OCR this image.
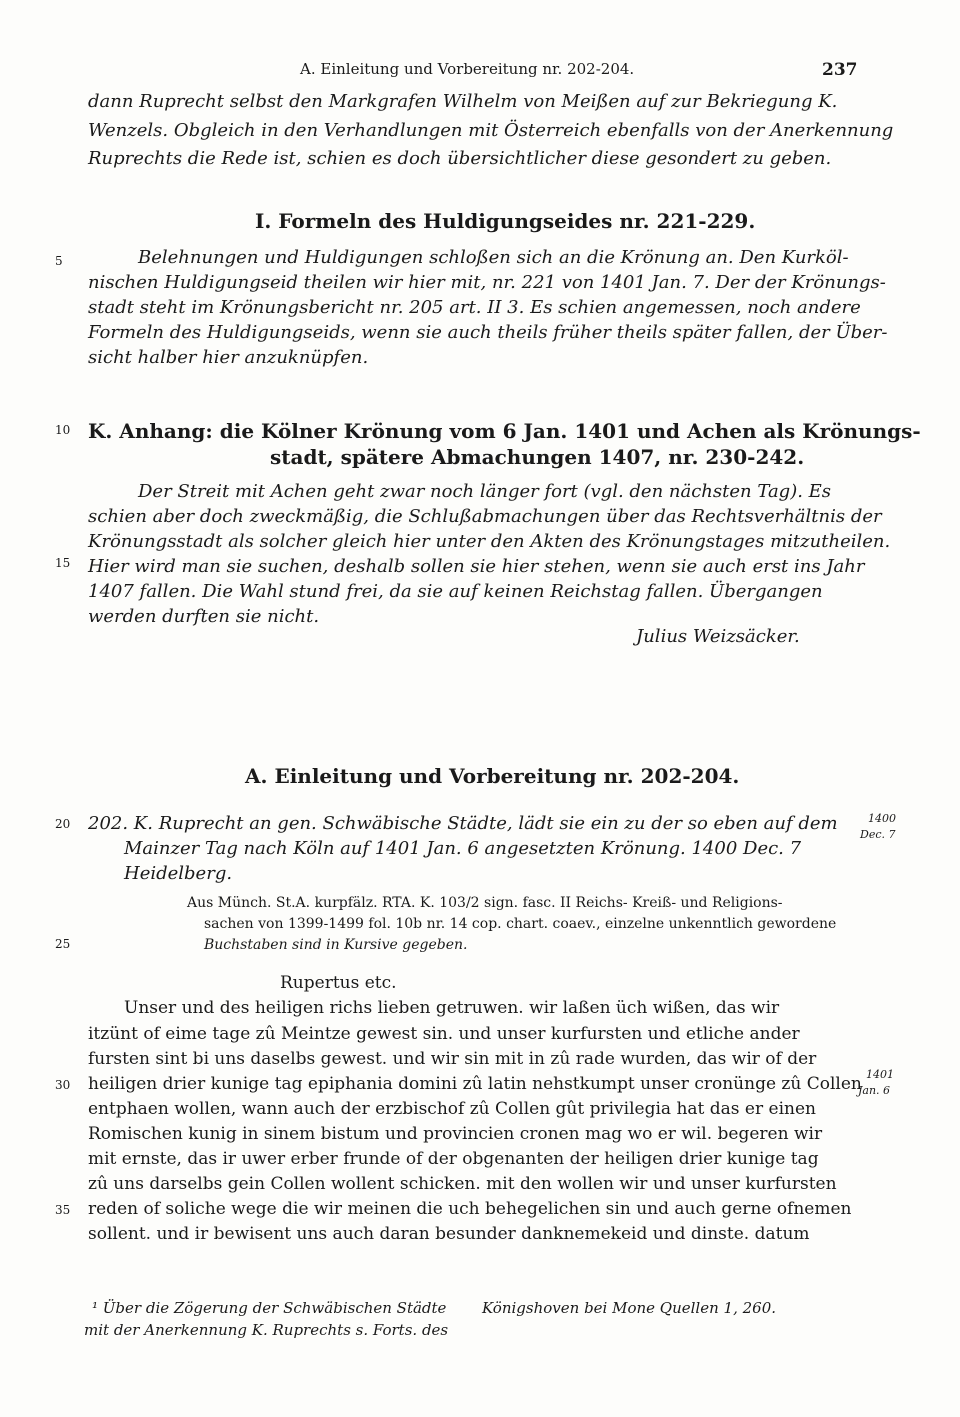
A. Einleitung und Vorbereitung nr. 202-204.	237
dann Ruprecht selbst den Markgrafen Wilhelm von Meißen auf zur Bekriegung K.
Wenzels. Obgleich in den Verhandlungen mit Österreich ebenfalls von der Anerkennung
Ruprechts die Rede ist, schien es doch übersichtlicher diese gesondert zu geben.
I. Formeln des Huldigungseides nr. 221-229.
Belehnungen und Huldigungen schloßen sich an die Krönung an. Den Kurköl-
nischen Huldigungseid theilen wir hier mit, nr. 221 von 1401 Jan. 7. Der der Krönungs-
stadt steht im Krönungsbericht nr. 205 art. II 3. Es schien angemessen, noch andere
Formeln des Huldigungseids, wenn sie auch theils früher theils später fallen, der Über-
sicht halber hier anzuknüpfen.
K. Anhang: die Kölner Krönung vom 6 Jan. 1401 und Achen als Krönungs-
stadt, spätere Abmachungen 1407, nr. 230-242.
Der Streit mit Achen geht zwar noch länger fort (vgl. den nächsten Tag). Es
schien aber doch zweckmäßig, die Schlußabmachungen über das Rechtsverhältnis der
Krönungsstadt als solcher gleich hier unter den Akten des Krönungstages mitzutheilen.
Hier wird man sie suchen, deshalb sollen sie hier stehen, wenn sie auch erst ins Jahr
1407 fallen. Die Wahl stund frei, da sie auf keinen Reichstag fallen. Übergangen
werden durften sie nicht.
Julius Weizsäcker.
A. Einleitung und Vorbereitung nr. 202-204.
202. K. Ruprecht an gen. Schwäbische Städte, lädt sie ein zu der so eben auf dem
Mainzer Tag nach Köln auf 1401 Jan. 6 angesetzten Krönung. 1400 Dec. 7
Heidelberg.
1400
Dec. 7
Aus Münch. St.A. kurpfälz. RTA. K. 103/2 sign. fasc. II Reichs- Kreiß- und Religions-
sachen von 1399-1499 fol. 10b nr. 14 cop. chart. coaev., einzelne unkenntlich gewordene
Buchstaben sind in Kursive gegeben.
Rupertus etc.
Unser und des heiligen richs lieben getruwen. wir laßen üch wißen, das wir
itzünt of eime tage zû Meintze gewest sin. und unser kurfursten und etliche ander
fursten sint bi uns daselbs gewest. und wir sin mit in zû rade wurden, das wir of der
heiligen drier kunige tag epiphania domini zû latin nehstkumpt unser cronünge zû Collen
entphaen wollen, wann auch der erzbischof zû Collen gût privilegia hat das er einen
Romischen kunig in sinem bistum und provincien cronen mag wo er wil. begeren wir
mit ernste, das ir uwer erber frunde of der obgenanten der heiligen drier kunige tag
zû uns darselbs gein Collen wollent schicken. mit den wollen wir und unser kurfursten
reden of soliche wege die wir meinen die uch behegelichen sin und auch gerne ofnemen
sollent. und ir bewisent uns auch daran besunder danknemekeid und dinste. datum
1401
Jan. 6
5
10
15
20
25
30
35
¹ Über die Zögerung der Schwäbischen Städte
mit der Anerkennung K. Ruprechts s. Forts. des
Königshoven bei Mone Quellen 1, 260.
